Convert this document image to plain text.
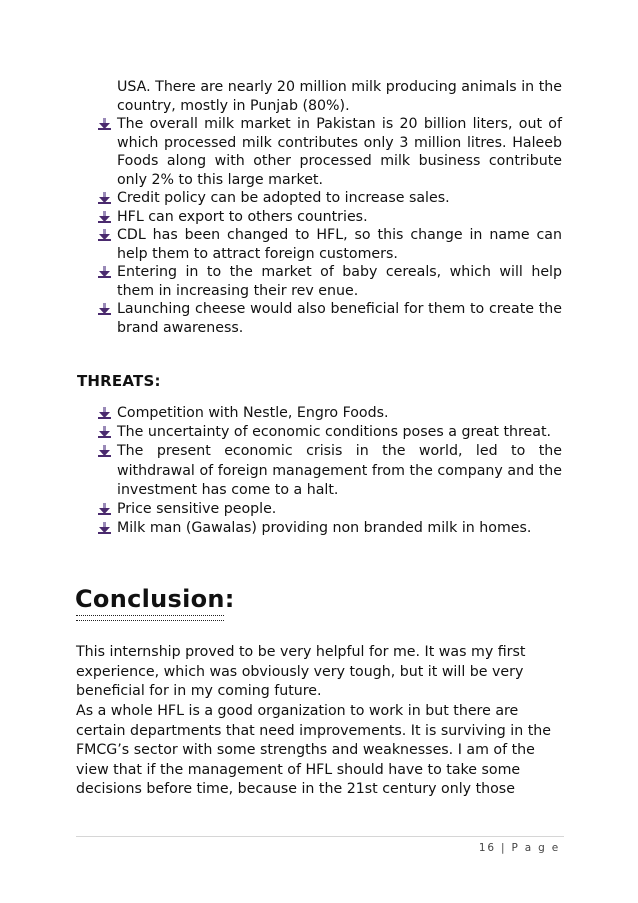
USA. There are nearly 20 million milk producing animals in the country, mostly in Punjab (80%).

The overall milk market in Pakistan is 20 billion liters, out of which processed milk contributes only 3 million litres. Haleeb Foods along with other processed milk business contribute only 2% to this large market.
Credit policy can be adopted to increase sales.
HFL can export to others countries.
CDL has been changed to HFL, so this change in name can help them to attract foreign customers.
Entering in to the market of baby cereals, which will help them in increasing their rev enue.
Launching cheese would also beneficial for them to create the brand awareness.
THREATS:
Competition with Nestle, Engro Foods.
The uncertainty of economic conditions poses a great threat.
The present economic crisis in the world, led to the withdrawal of foreign management from the company and the investment has come to a halt.
Price sensitive people.
Milk man (Gawalas) providing non branded milk in homes.
Conclusion:

This internship proved to be very helpful for me. It was my first experience, which was obviously very tough, but it will be very beneficial for in my coming future.

As a whole HFL is a good organization to work in but there are certain departments that need improvements. It is surviving in the FMCG’s sector with some strengths and weaknesses. I am of the view that if the management of HFL should have to take some decisions before time, because in the 21st century only those

16 | P a g e
